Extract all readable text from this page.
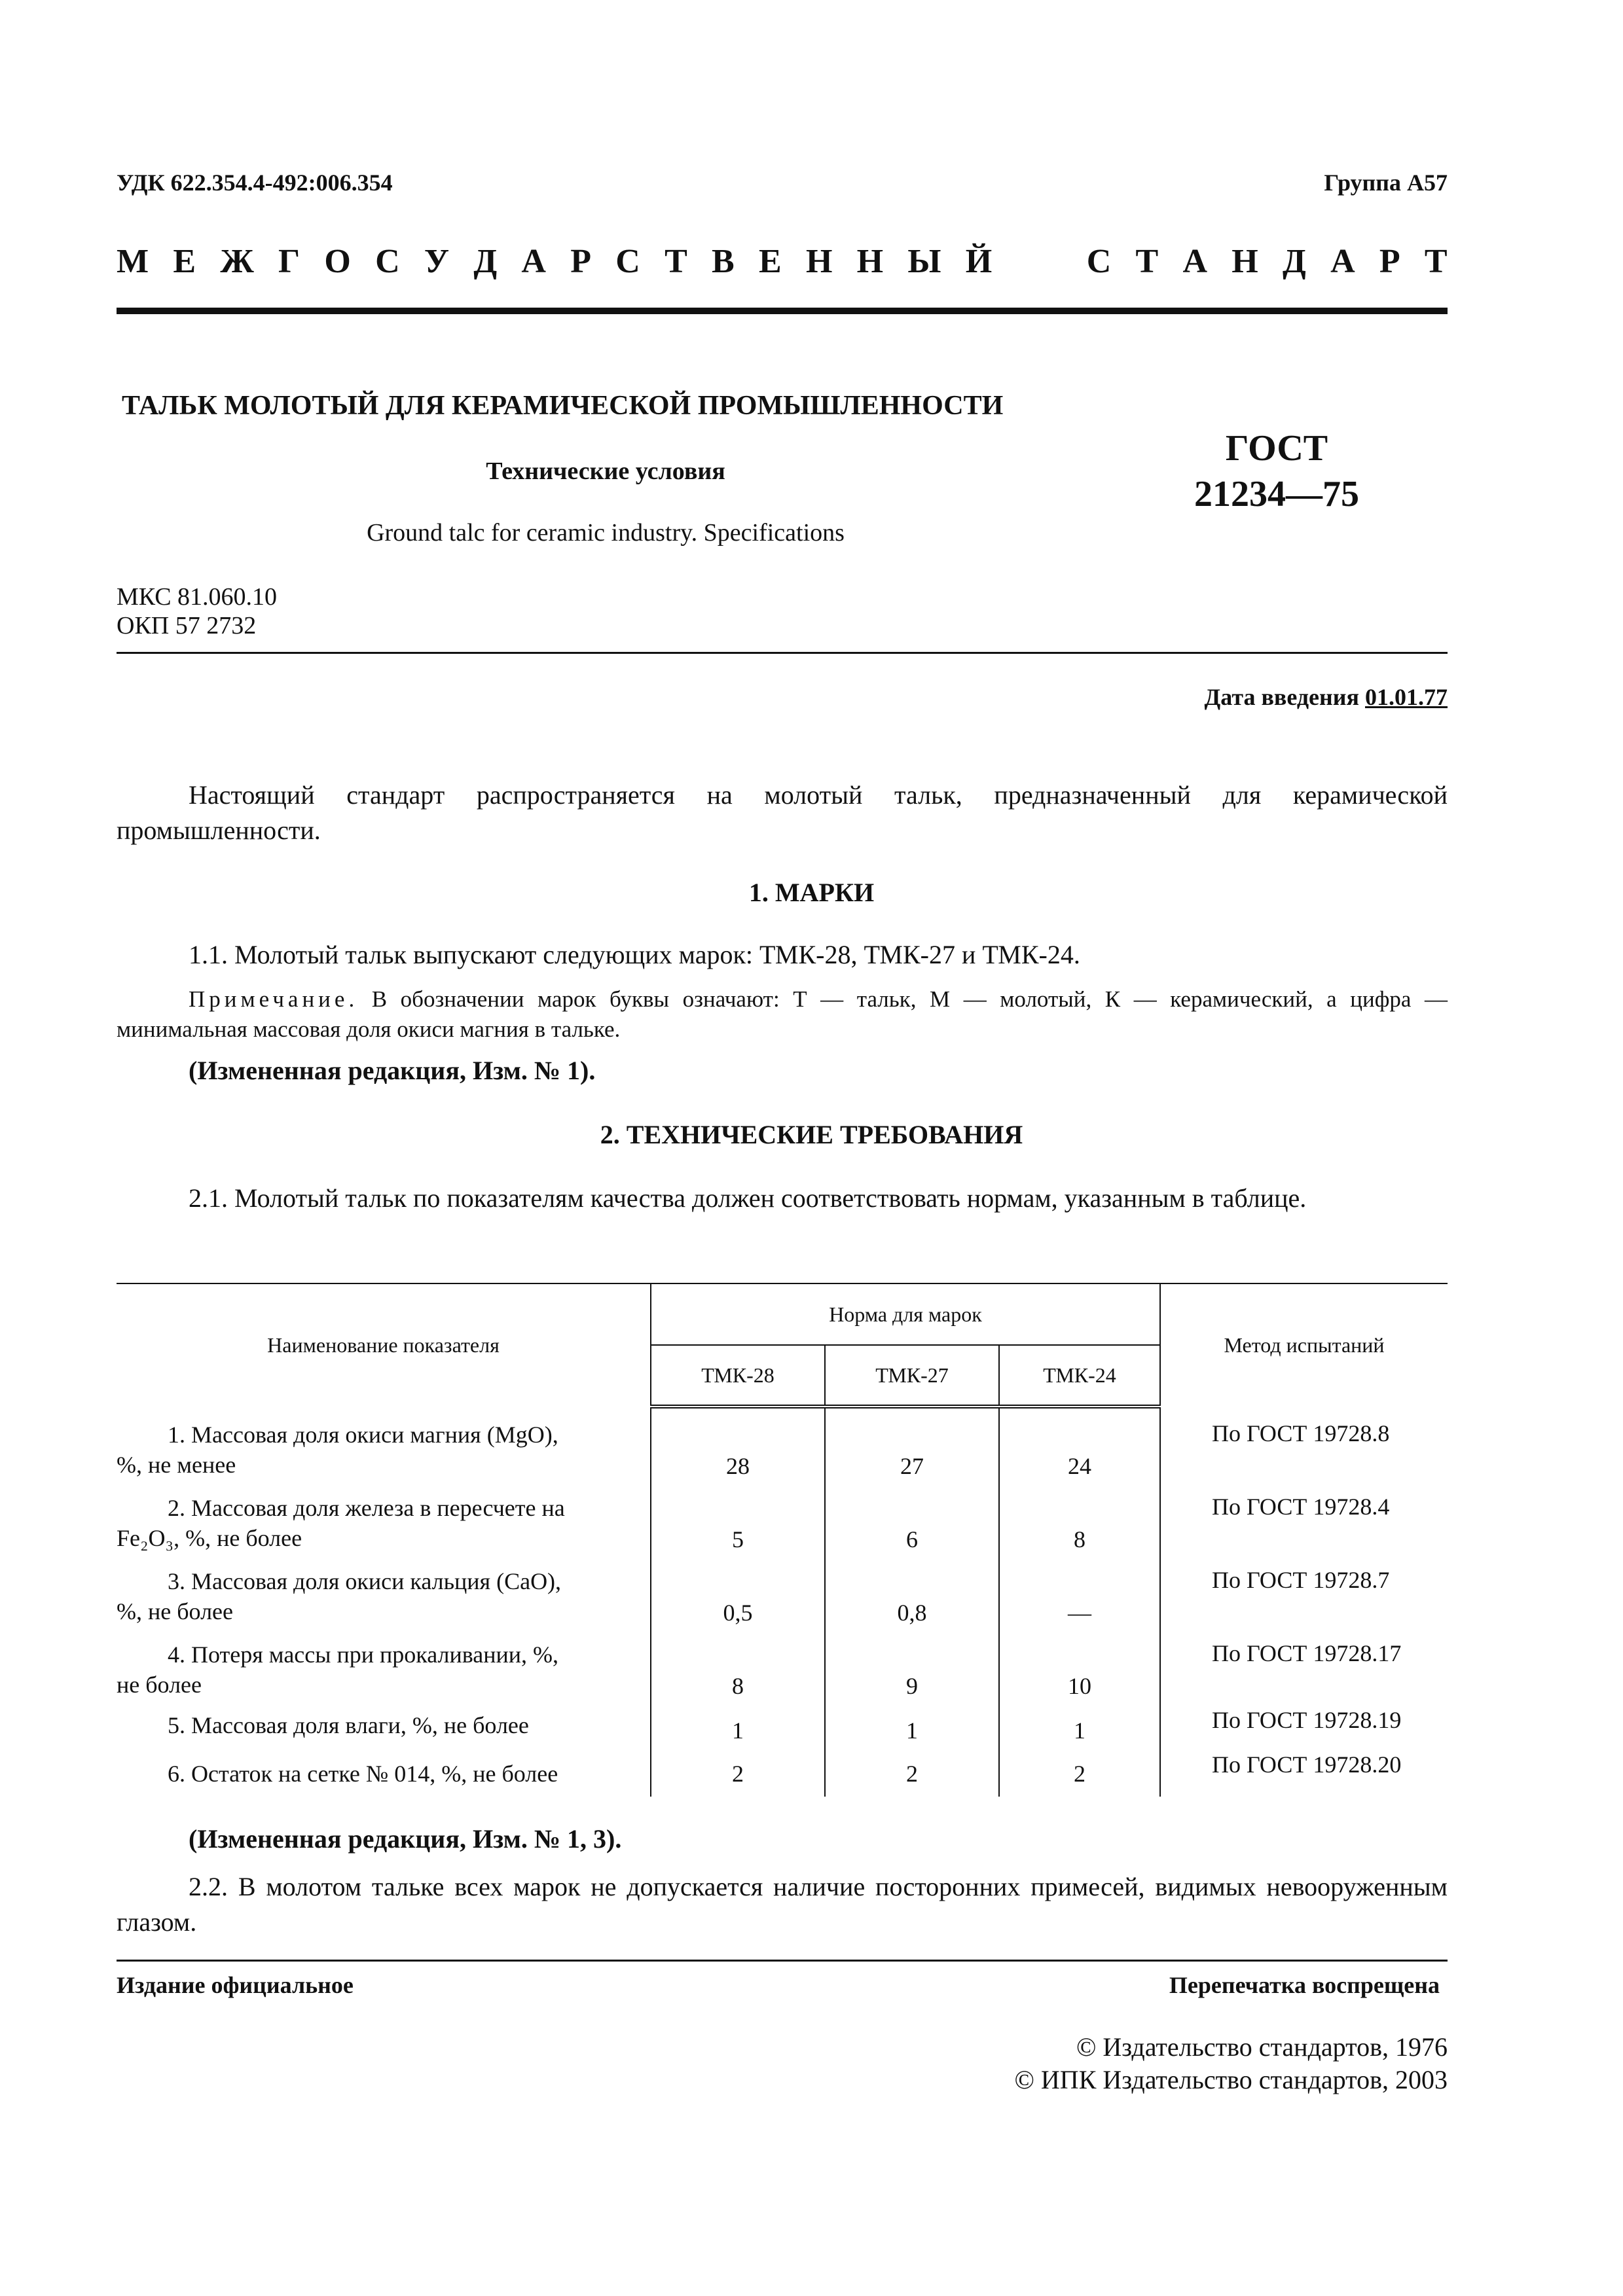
УДК 622.354.4-492:006.354	Группа А57
М Е Ж Г О С У Д А Р С Т В Е Н Н Ы Й	С Т А Н Д А Р Т
ТАЛЬК МОЛОТЫЙ ДЛЯ КЕРАМИЧЕСКОЙ ПРОМЫШЛЕННОСТИ
Технические условия
Ground talc for ceramic industry. Specifications
ГОСТ
21234—75
МКС 81.060.10
ОКП 57 2732
Дата введения 01.01.77
Настоящий стандарт распространяется на молотый тальк, предназначенный для керамической промышленности.
1. МАРКИ
1.1. Молотый тальк выпускают следующих марок: ТМК-28, ТМК-27 и ТМК-24.
Примечание. В обозначении марок буквы означают: Т — тальк, М — молотый, К — керамический, а цифра — минимальная массовая доля окиси магния в тальке.
(Измененная редакция, Изм. № 1).
2. ТЕХНИЧЕСКИЕ ТРЕБОВАНИЯ
2.1. Молотый тальк по показателям качества должен соответствовать нормам, указанным в таблице.
Наименование показателя	Норма для марок			Метод испытаний
	ТМК-28	ТМК-27	ТМК-24	

1. Массовая доля окиси магния (MgO),
%, не менее	28	27	24	По ГОСТ 19728.8

2. Массовая доля железа в пересчете на
Fe₂O₃, %, не более	5	6	8	По ГОСТ 19728.4

3. Массовая доля окиси кальция (CaO),
%, не более	0,5	0,8	—	По ГОСТ 19728.7

4. Потеря массы при прокаливании, %,
не более	8	9	10	По ГОСТ 19728.17

5. Массовая доля влаги, %, не более	1	1	1	По ГОСТ 19728.19

6. Остаток на сетке № 014, %, не более	2	2	2	По ГОСТ 19728.20
(Измененная редакция, Изм. № 1, 3).
2.2. В молотом тальке всех марок не допускается наличие посторонних примесей, видимых невооруженным глазом.
Издание официальное	Перепечатка воспрещена
© Издательство стандартов, 1976
© ИПК Издательство стандартов, 2003
